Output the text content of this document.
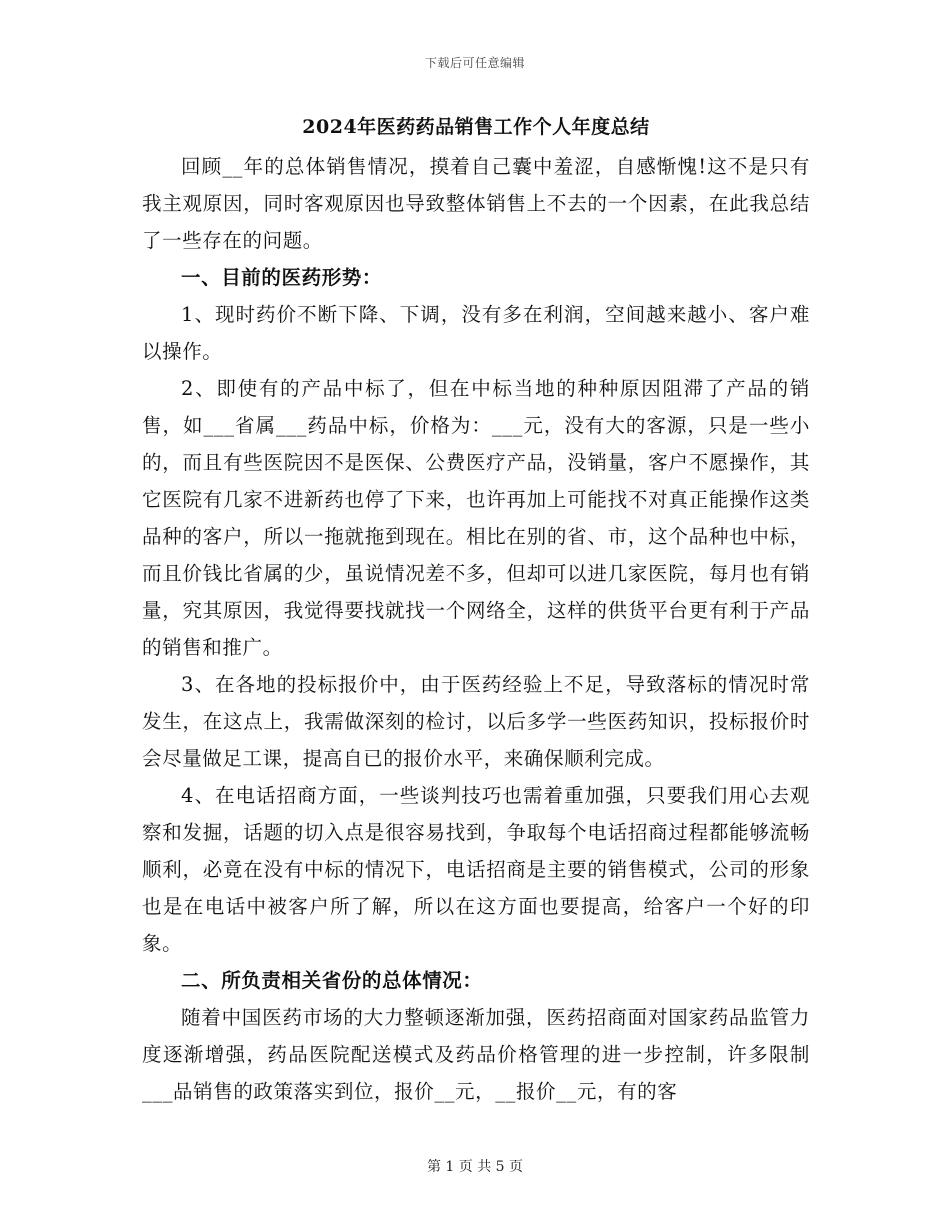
下载后可任意编辑
2024年医药药品销售工作个人年度总结

回顾__年的总体销售情况，摸着自己囊中羞涩，自感惭愧!这不是只有我主观原因，同时客观原因也导致整体销售上不去的一个因素，在此我总结了一些存在的问题。

一、目前的医药形势：

1、现时药价不断下降、下调，没有多在利润，空间越来越小、客户难以操作。

2、即使有的产品中标了，但在中标当地的种种原因阻滞了产品的销售，如___省属___药品中标，价格为：___元，没有大的客源，只是一些小的，而且有些医院因不是医保、公费医疗产品，没销量，客户不愿操作，其它医院有几家不进新药也停了下来，也许再加上可能找不对真正能操作这类品种的客户，所以一拖就拖到现在。相比在别的省、市，这个品种也中标，而且价钱比省属的少，虽说情况差不多，但却可以进几家医院，每月也有销量，究其原因，我觉得要找就找一个网络全，这样的供货平台更有利于产品的销售和推广。

3、在各地的投标报价中，由于医药经验上不足，导致落标的情况时常发生，在这点上，我需做深刻的检讨，以后多学一些医药知识，投标报价时会尽量做足工课，提高自已的报价水平，来确保顺利完成。

4、在电话招商方面，一些谈判技巧也需着重加强，只要我们用心去观察和发掘，话题的切入点是很容易找到，争取每个电话招商过程都能够流畅顺利，必竟在没有中标的情况下，电话招商是主要的销售模式，公司的形象也是在电话中被客户所了解，所以在这方面也要提高，给客户一个好的印象。

二、所负责相关省份的总体情况：

随着中国医药市场的大力整顿逐渐加强，医药招商面对国家药品监管力度逐渐增强，药品医院配送模式及药品价格管理的进一步控制，许多限制___品销售的政策落实到位，报价__元，__报价__元，有的客

第 1 页 共 5 页
